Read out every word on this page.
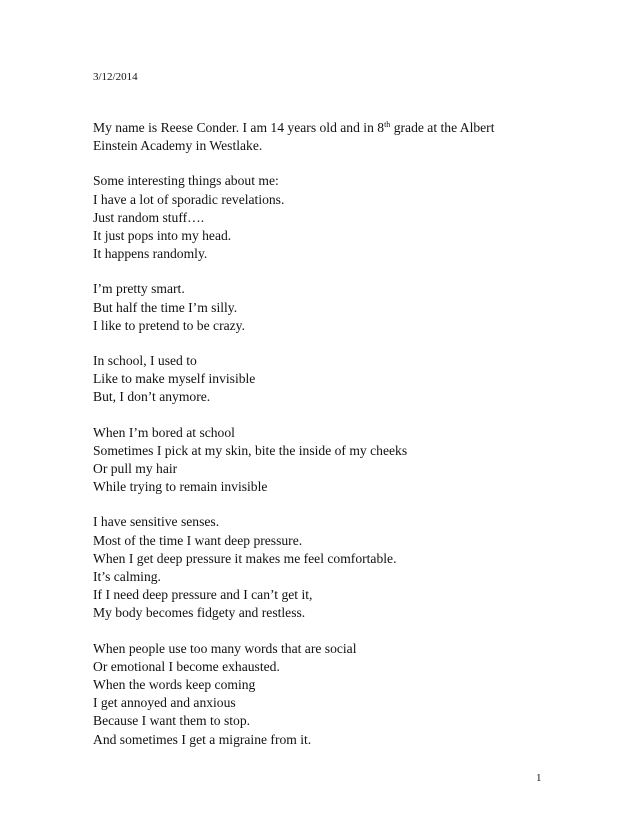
3/12/2014
My name is Reese Conder. I am 14 years old and in 8th grade at the Albert
Einstein Academy in Westlake.
Some interesting things about me:
I have a lot of sporadic revelations.
Just random stuff….
It just pops into my head.
It happens randomly.
I’m pretty smart.
But half the time I’m silly.
I like to pretend to be crazy.
In school, I used to
Like to make myself invisible
But, I don’t anymore.
When I’m bored at school
Sometimes I pick at my skin, bite the inside of my cheeks
Or pull my hair
While trying to remain invisible
I have sensitive senses.
Most of the time I want deep pressure.
When I get deep pressure it makes me feel comfortable.
It’s calming.
If I need deep pressure and I can’t get it,
My body becomes fidgety and restless.
When people use too many words that are social
Or emotional I become exhausted.
When the words keep coming
I get annoyed and anxious
Because I want them to stop.
And sometimes I get a migraine from it.
1
